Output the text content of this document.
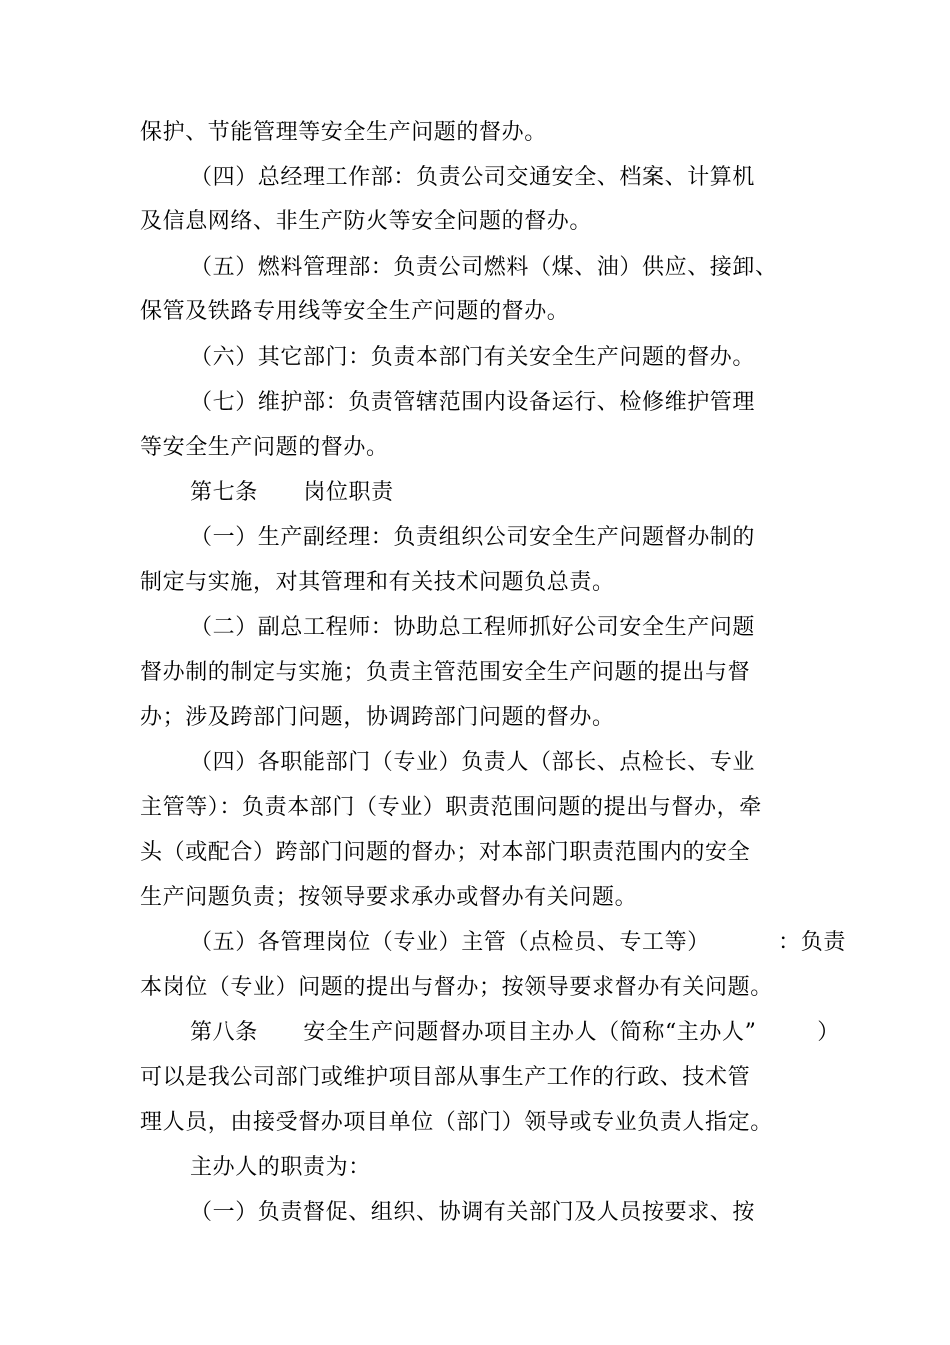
保护、节能管理等安全生产问题的督办。
（四）总经理工作部：负责公司交通安全、档案、计算机
及信息网络、非生产防火等安全问题的督办。
（五）燃料管理部：负责公司燃料（煤、油）供应、接卸、
保管及铁路专用线等安全生产问题的督办。
（六）其它部门：负责本部门有关安全生产问题的督办。
（七）维护部：负责管辖范围内设备运行、检修维护管理
等安全生产问题的督办。
第七条      岗位职责
（一）生产副经理：负责组织公司安全生产问题督办制的
制定与实施，对其管理和有关技术问题负总责。
（二）副总工程师：协助总工程师抓好公司安全生产问题
督办制的制定与实施；负责主管范围安全生产问题的提出与督
办；涉及跨部门问题，协调跨部门问题的督办。
（四）各职能部门（专业）负责人（部长、点检长、专业
主管等）：负责本部门（专业）职责范围问题的提出与督办，牵
头（或配合）跨部门问题的督办；对本部门职责范围内的安全
生产问题负责；按领导要求承办或督办有关问题。
（五）各管理岗位（专业）主管（点检员、专工等）         ：负责
本岗位（专业）问题的提出与督办；按领导要求督办有关问题。
第八条      安全生产问题督办项目主办人（简称“主办人”        ）
可以是我公司部门或维护项目部从事生产工作的行政、技术管
理人员，由接受督办项目单位（部门）领导或专业负责人指定。
主办人的职责为：
（一）负责督促、组织、协调有关部门及人员按要求、按
